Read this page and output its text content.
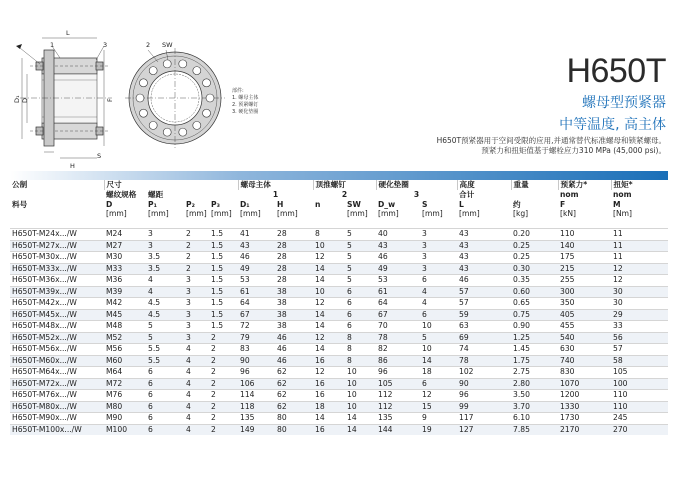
1	3	2 SW
L
D₁ D	F
H
S
部件:
1. 螺母主体
2. 预紧螺钉
3. 硬化垫圈
H650T
螺母型预紧器
中等温度, 高主体
H650T预紧器用于空间受限的应用,并通常替代标准螺母和锁紧螺母。
预紧力和扭矩值基于螺栓应力310 MPa (45,000 psi)。
公制	尺寸				螺母主体		顶推螺钉		硬化垫圈		高度	重量	预紧力*	扭矩*
	螺纹规格	螺距			1		2		3		合计		nom	nom
料号	D	P₁	P₂	P₃	D₁	H	n	SW	D_w	S	L	约	F	M
	[mm]	[mm]	[mm]	[mm]	[mm]	[mm]		[mm]	[mm]	[mm]	[mm]	[kg]	[kN]	[Nm]
H650T-M24x.../W	M24	3	2	1.5	41	28	8	5	40	3	43	0.20	110	11
H650T-M27x.../W	M27	3	2	1.5	43	28	10	5	43	3	43	0.25	140	11
H650T-M30x.../W	M30	3.5	2	1.5	46	28	12	5	46	3	43	0.25	175	11
H650T-M33x.../W	M33	3.5	2	1.5	49	28	14	5	49	3	43	0.30	215	12
H650T-M36x.../W	M36	4	3	1.5	53	28	14	5	53	6	46	0.35	255	12
H650T-M39x.../W	M39	4	3	1.5	61	38	10	6	61	4	57	0.60	300	30
H650T-M42x.../W	M42	4.5	3	1.5	64	38	12	6	64	4	57	0.65	350	30
H650T-M45x.../W	M45	4.5	3	1.5	67	38	14	6	67	6	59	0.75	405	29
H650T-M48x.../W	M48	5	3	1.5	72	38	14	6	70	10	63	0.90	455	33
H650T-M52x.../W	M52	5	3	2	79	46	12	8	78	5	69	1.25	540	56
H650T-M56x.../W	M56	5.5	4	2	83	46	14	8	82	10	74	1.45	630	57
H650T-M60x.../W	M60	5.5	4	2	90	46	16	8	86	14	78	1.75	740	58
H650T-M64x.../W	M64	6	4	2	96	62	12	10	96	18	102	2.75	830	105
H650T-M72x.../W	M72	6	4	2	106	62	16	10	105	6	90	2.80	1070	100
H650T-M76x.../W	M76	6	4	2	114	62	16	10	112	12	96	3.50	1200	110
H650T-M80x.../W	M80	6	4	2	118	62	18	10	112	15	99	3.70	1330	110
H650T-M90x.../W	M90	6	4	2	135	80	14	14	135	9	117	6.10	1730	245
H650T-M100x.../W	M100	6	4	2	149	80	16	14	144	19	127	7.85	2170	270
